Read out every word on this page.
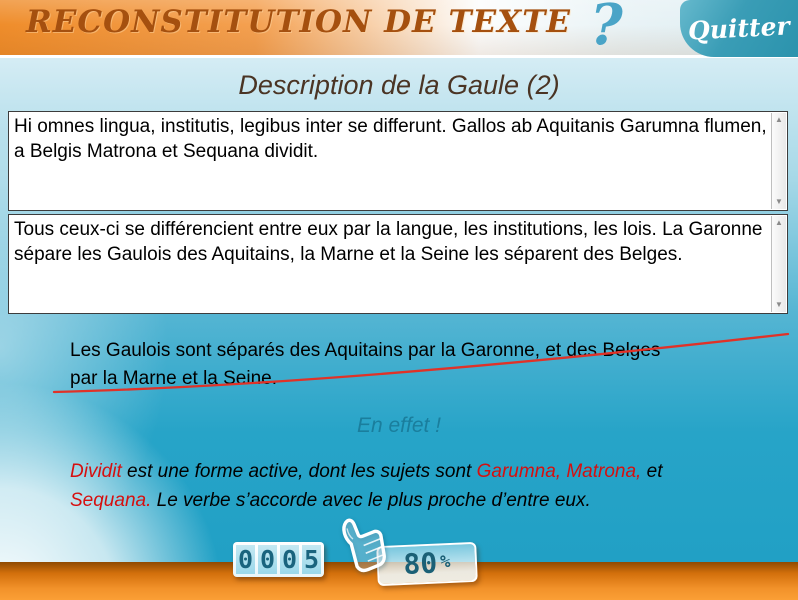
RECONSTITUTION DE TEXTE ?	Quitter
Description de la Gaule (2)
Hi omnes lingua, institutis, legibus inter se differunt. Gallos ab Aquitanis Garumna flumen, a Belgis Matrona et Sequana dividit.
▲
▼
Tous ceux-ci se différencient entre eux par la langue, les institutions, les lois. La Garonne sépare les Gaulois des Aquitains, la Marne et la Seine les séparent des Belges.
▲
▼
Les Gaulois sont séparés des Aquitains par la Garonne, et des Belges
par la Marne et la Seine.
En effet !
Dividit est une forme active, dont les sujets sont Garumna, Matrona, et
Sequana. Le verbe s’accorde avec le plus proche d’entre eux.
0 0 0 5	80 %
